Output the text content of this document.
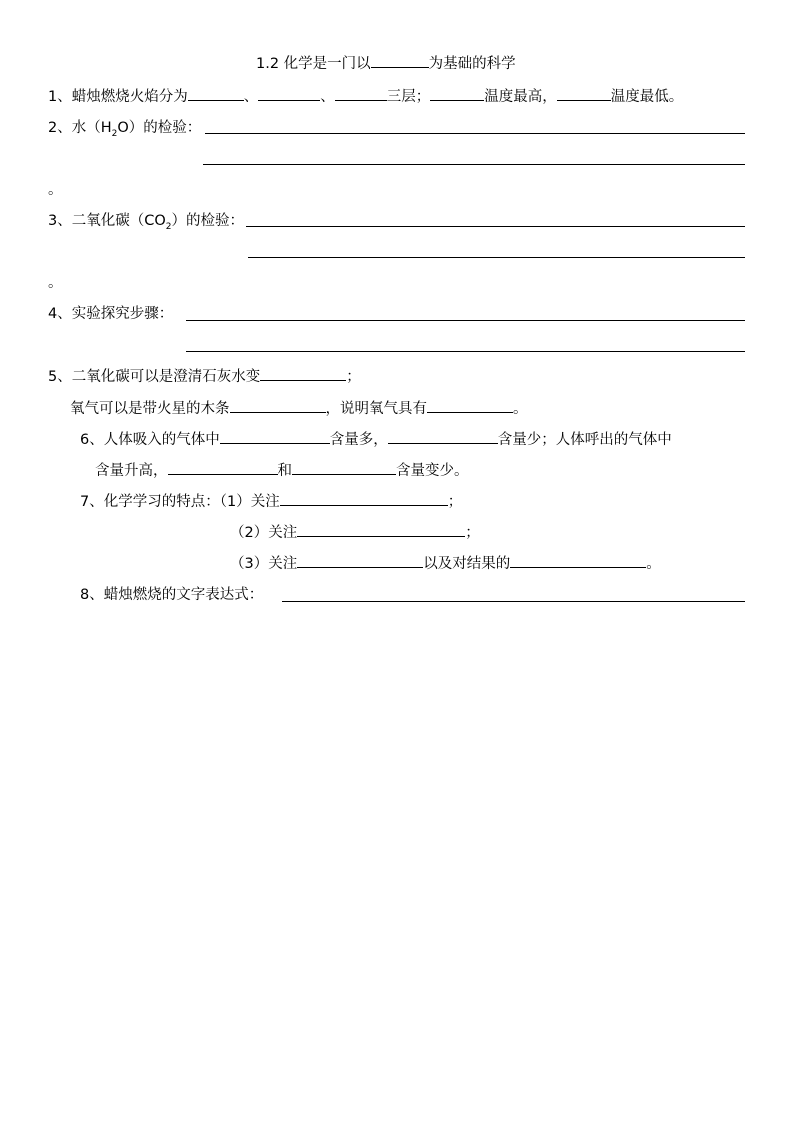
1.2 化学是一门以	为基础的科学
1、蜡烛燃烧火焰分为	、	、	三层；	温度最高，	温度最低。
2、水$(H_2O)$的检验：
。
3、二氧化碳$(CO_2)$的检验：
。
4、实验探究步骤：
5、二氧化碳可以是澄清石灰水变	；
氧气可以是带火星的木条	，说明氧气具有	。
6、人体吸入的气体中	含量多，	含量少；人体呼出的气体中
含量升高，	和	含量变少。
7、化学学习的特点：（1）关注	；
（2）关注	；
（3）关注	以及对结果的	。
8、蜡烛燃烧的文字表达式：
